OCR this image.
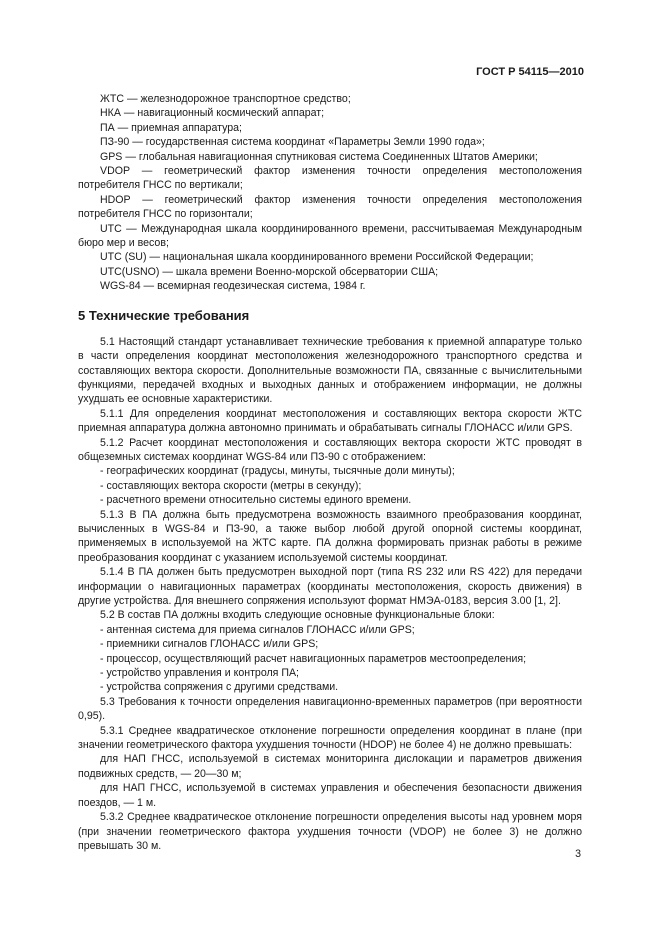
ГОСТ Р 54115—2010

ЖТС — железнодорожное транспортное средство;

НКА — навигационный космический аппарат;

ПА — приемная аппаратура;

ПЗ-90 — государственная система координат «Параметры Земли 1990 года»;

GPS — глобальная навигационная спутниковая система Соединенных Штатов Америки;

VDOP — геометрический фактор изменения точности определения местоположения потребителя ГНСС по вертикали;

HDOP — геометрический фактор изменения точности определения местоположения потребителя ГНСС по горизонтали;

UTC — Международная шкала координированного времени, рассчитываемая Международным бюро мер и весов;

UTC (SU) — национальная шкала координированного времени Российской Федерации;

UTC(USNO) — шкала времени Военно-морской обсерватории США;

WGS-84 — всемирная геодезическая система, 1984 г.

5 Технические требования

5.1 Настоящий стандарт устанавливает технические требования к приемной аппаратуре только в части определения координат местоположения железнодорожного транспортного средства и составляющих вектора скорости. Дополнительные возможности ПА, связанные с вычислительными функциями, передачей входных и выходных данных и отображением информации, не должны ухудшать ее основные характеристики.

5.1.1 Для определения координат местоположения и составляющих вектора скорости ЖТС приемная аппаратура должна автономно принимать и обрабатывать сигналы ГЛОНАСС и/или GPS.

5.1.2 Расчет координат местоположения и составляющих вектора скорости ЖТС проводят в общеземных системах координат WGS-84 или ПЗ-90 с отображением:

- географических координат (градусы, минуты, тысячные доли минуты);

- составляющих вектора скорости (метры в секунду);

- расчетного времени относительно системы единого времени.

5.1.3 В ПА должна быть предусмотрена возможность взаимного преобразования координат, вычисленных в WGS-84 и ПЗ-90, а также выбор любой другой опорной системы координат, применяемых в используемой на ЖТС карте. ПА должна формировать признак работы в режиме преобразования координат с указанием используемой системы координат.

5.1.4 В ПА должен быть предусмотрен выходной порт (типа RS 232 или RS 422) для передачи информации о навигационных параметрах (координаты местоположения, скорость движения) в другие устройства. Для внешнего сопряжения используют формат НМЭА-0183, версия 3.00 [1, 2].

5.2 В состав ПА должны входить следующие основные функциональные блоки:

- антенная система для приема сигналов ГЛОНАСС и/или GPS;

- приемники сигналов ГЛОНАСС и/или GPS;

- процессор, осуществляющий расчет навигационных параметров местоопределения;

- устройство управления и контроля ПА;

- устройства сопряжения с другими средствами.

5.3 Требования к точности определения навигационно-временных параметров (при вероятности 0,95).

5.3.1 Среднее квадратическое отклонение погрешности определения координат в плане (при значении геометрического фактора ухудшения точности (HDOP) не более 4) не должно превышать:

для НАП ГНСС, используемой в системах мониторинга дислокации и параметров движения подвижных средств, — 20—30 м;

для НАП ГНСС, используемой в системах управления и обеспечения безопасности движения поездов, — 1 м.

5.3.2 Среднее квадратическое отклонение погрешности определения высоты над уровнем моря (при значении геометрического фактора ухудшения точности (VDOP) не более 3) не должно превышать 30 м.

3
